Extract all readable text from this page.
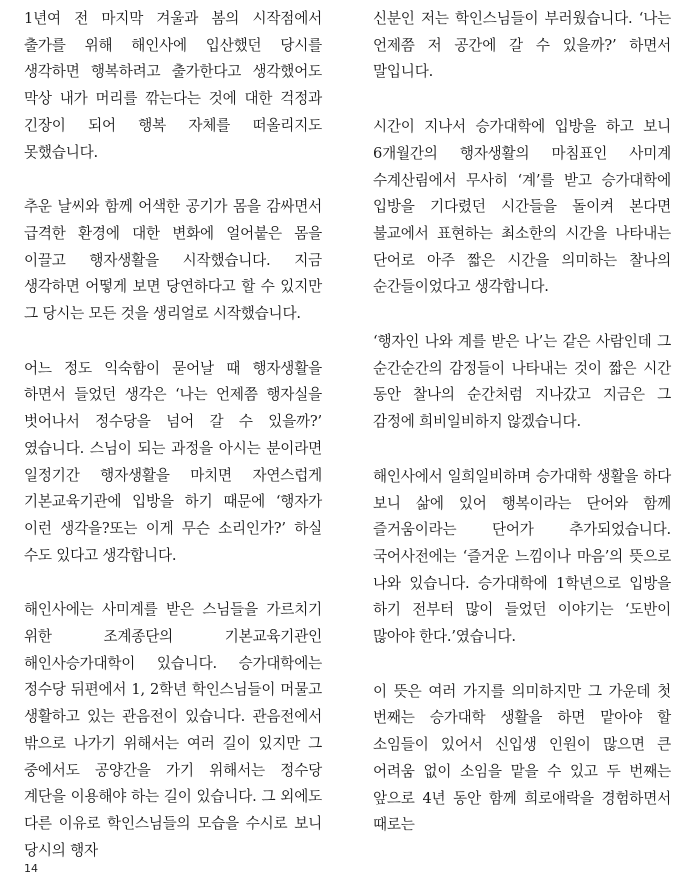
1년여 전 마지막 겨울과 봄의 시작점에서 출가를 위해 해인사에 입산했던 당시를 생각하면 행복하려고 출가한다고 생각했어도 막상 내가 머리를 깎는다는 것에 대한 걱정과 긴장이 되어 행복 자체를 떠올리지도 못했습니다.

추운 날씨와 함께 어색한 공기가 몸을 감싸면서 급격한 환경에 대한 변화에 얼어붙은 몸을 이끌고 행자생활을 시작했습니다. 지금 생각하면 어떻게 보면 당연하다고 할 수 있지만 그 당시는 모든 것을 생리얼로 시작했습니다.

어느 정도 익숙함이 묻어날 때 행자생활을 하면서 들었던 생각은 ‘나는 언제쯤 행자실을 벗어나서 정수당을 넘어 갈 수 있을까?’ 였습니다. 스님이 되는 과정을 아시는 분이라면 일정기간 행자생활을 마치면 자연스럽게 기본교육기관에 입방을 하기 때문에 ‘행자가 이런 생각을?또는 이게 무슨 소리인가?’ 하실 수도 있다고 생각합니다.

해인사에는 사미계를 받은 스님들을 가르치기 위한 조계종단의 기본교육기관인 해인사승가대학이 있습니다. 승가대학에는 정수당 뒤편에서 1, 2학년 학인스님들이 머물고 생활하고 있는 관음전이 있습니다. 관음전에서 밖으로 나가기 위해서는 여러 길이 있지만 그 중에서도 공양간을 가기 위해서는 정수당 계단을 이용해야 하는 길이 있습니다. 그 외에도 다른 이유로 학인스님들의 모습을 수시로 보니 당시의 행자

신분인 저는 학인스님들이 부러웠습니다. ‘나는 언제쯤 저 공간에 갈 수 있을까?’ 하면서 말입니다.

시간이 지나서 승가대학에 입방을 하고 보니 6개월간의 행자생활의 마침표인 사미계 수계산림에서 무사히 ‘계’를 받고 승가대학에 입방을 기다렸던 시간들을 돌이켜 본다면 불교에서 표현하는 최소한의 시간을 나타내는 단어로 아주 짧은 시간을 의미하는 찰나의 순간들이었다고 생각합니다.

‘행자인 나와 계를 받은 나’는 같은 사람인데 그 순간순간의 감정들이 나타내는 것이 짧은 시간 동안 찰나의 순간처럼 지나갔고 지금은 그 감정에 희비일비하지 않겠습니다.

해인사에서 일희일비하며 승가대학 생활을 하다 보니 삶에 있어 행복이라는 단어와 함께 즐거움이라는 단어가 추가되었습니다. 국어사전에는 ‘즐거운 느낌이나 마음’의 뜻으로 나와 있습니다. 승가대학에 1학년으로 입방을 하기 전부터 많이 들었던 이야기는 ‘도반이 많아야 한다.’였습니다.

이 뜻은 여러 가지를 의미하지만 그 가운데 첫 번째는 승가대학 생활을 하면 맡아야 할 소임들이 있어서 신입생 인원이 많으면 큰 어려움 없이 소임을 맡을 수 있고 두 번째는 앞으로 4년 동안 함께 희로애락을 경험하면서 때로는

14
